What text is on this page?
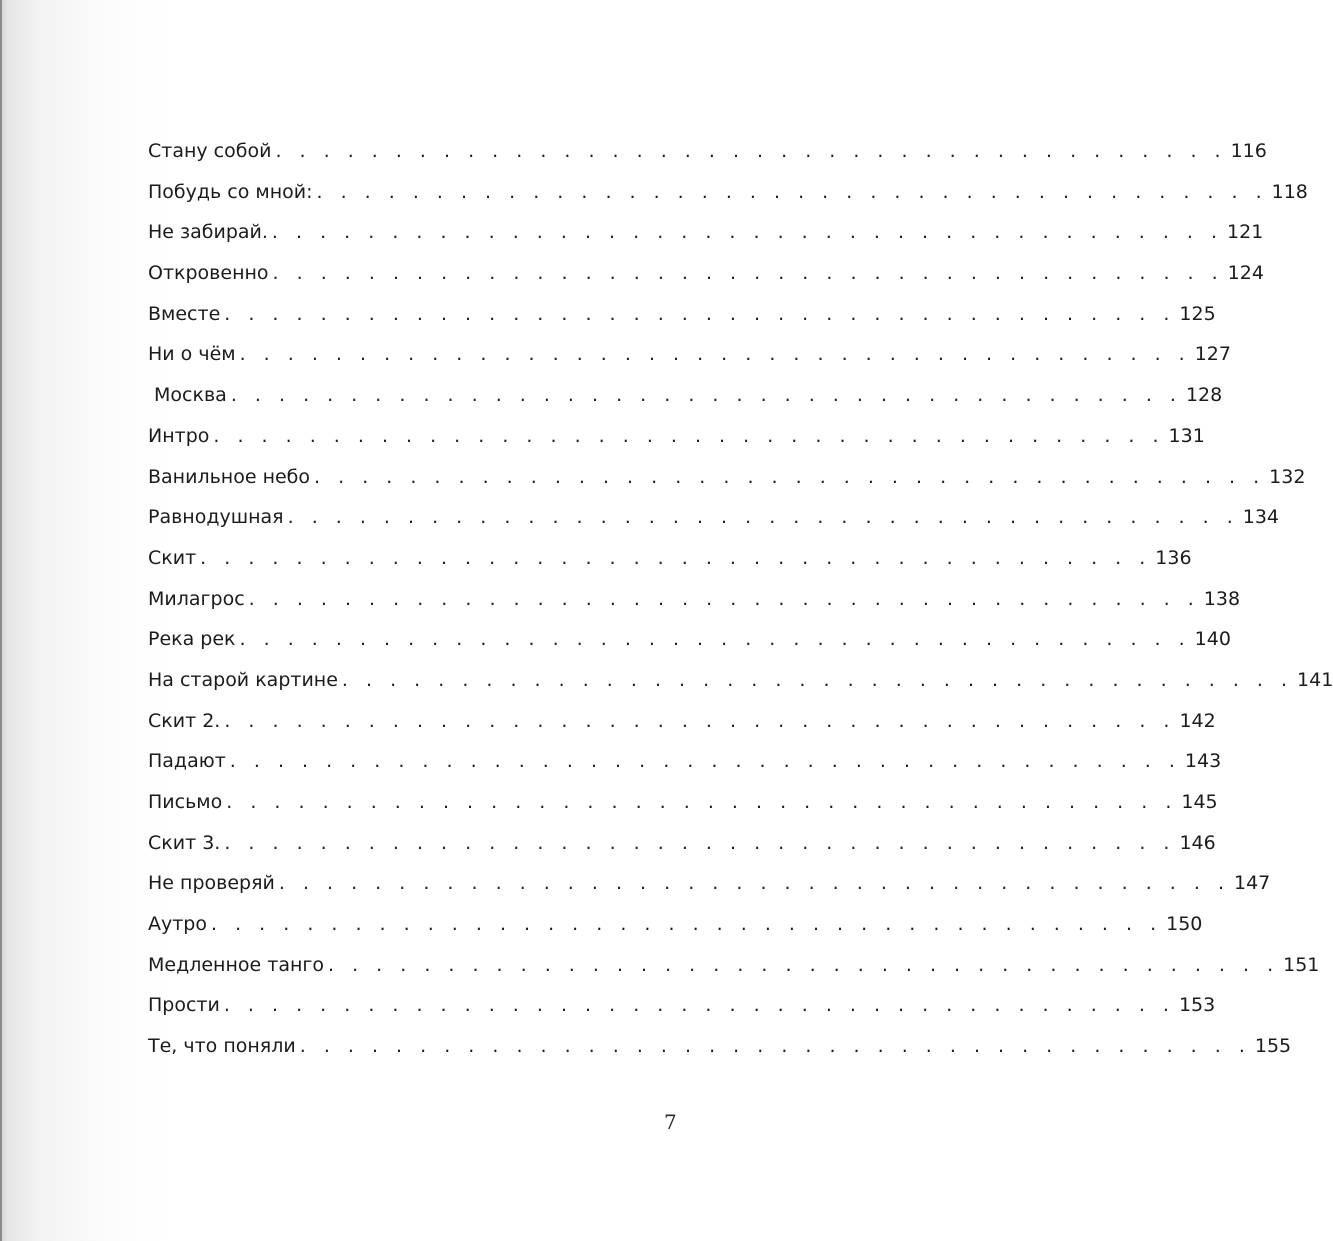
Стану собой . . . . . . . . . . . . . . . . . . . . . . . . . . . . . . . . . . . . . . . . 116
Побудь со мной: . . . . . . . . . . . . . . . . . . . . . . . . . . . . . . . . . . . . . . . . 118
Не забирай. . . . . . . . . . . . . . . . . . . . . . . . . . . . . . . . . . . . . . . . . 121
Откровенно . . . . . . . . . . . . . . . . . . . . . . . . . . . . . . . . . . . . . . . . 124
Вместе . . . . . . . . . . . . . . . . . . . . . . . . . . . . . . . . . . . . . . . . 125
Ни о чём . . . . . . . . . . . . . . . . . . . . . . . . . . . . . . . . . . . . . . . . 127
Москва . . . . . . . . . . . . . . . . . . . . . . . . . . . . . . . . . . . . . . . . 128
Интро . . . . . . . . . . . . . . . . . . . . . . . . . . . . . . . . . . . . . . . . 131
Ванильное небо . . . . . . . . . . . . . . . . . . . . . . . . . . . . . . . . . . . . . . . . 132
Равнодушная . . . . . . . . . . . . . . . . . . . . . . . . . . . . . . . . . . . . . . . . 134
Скит . . . . . . . . . . . . . . . . . . . . . . . . . . . . . . . . . . . . . . . . 136
Милагрос . . . . . . . . . . . . . . . . . . . . . . . . . . . . . . . . . . . . . . . . 138
Река рек . . . . . . . . . . . . . . . . . . . . . . . . . . . . . . . . . . . . . . . . 140
На старой картине . . . . . . . . . . . . . . . . . . . . . . . . . . . . . . . . . . . . . . . . 141
Скит 2. . . . . . . . . . . . . . . . . . . . . . . . . . . . . . . . . . . . . . . . . 142
Падают . . . . . . . . . . . . . . . . . . . . . . . . . . . . . . . . . . . . . . . . 143
Письмо . . . . . . . . . . . . . . . . . . . . . . . . . . . . . . . . . . . . . . . . 145
Скит 3. . . . . . . . . . . . . . . . . . . . . . . . . . . . . . . . . . . . . . . . . 146
Не проверяй . . . . . . . . . . . . . . . . . . . . . . . . . . . . . . . . . . . . . . . . 147
Аутро . . . . . . . . . . . . . . . . . . . . . . . . . . . . . . . . . . . . . . . . 150
Медленное танго . . . . . . . . . . . . . . . . . . . . . . . . . . . . . . . . . . . . . . . . 151
Прости . . . . . . . . . . . . . . . . . . . . . . . . . . . . . . . . . . . . . . . . 153
Те, что поняли . . . . . . . . . . . . . . . . . . . . . . . . . . . . . . . . . . . . . . . . 155
7
